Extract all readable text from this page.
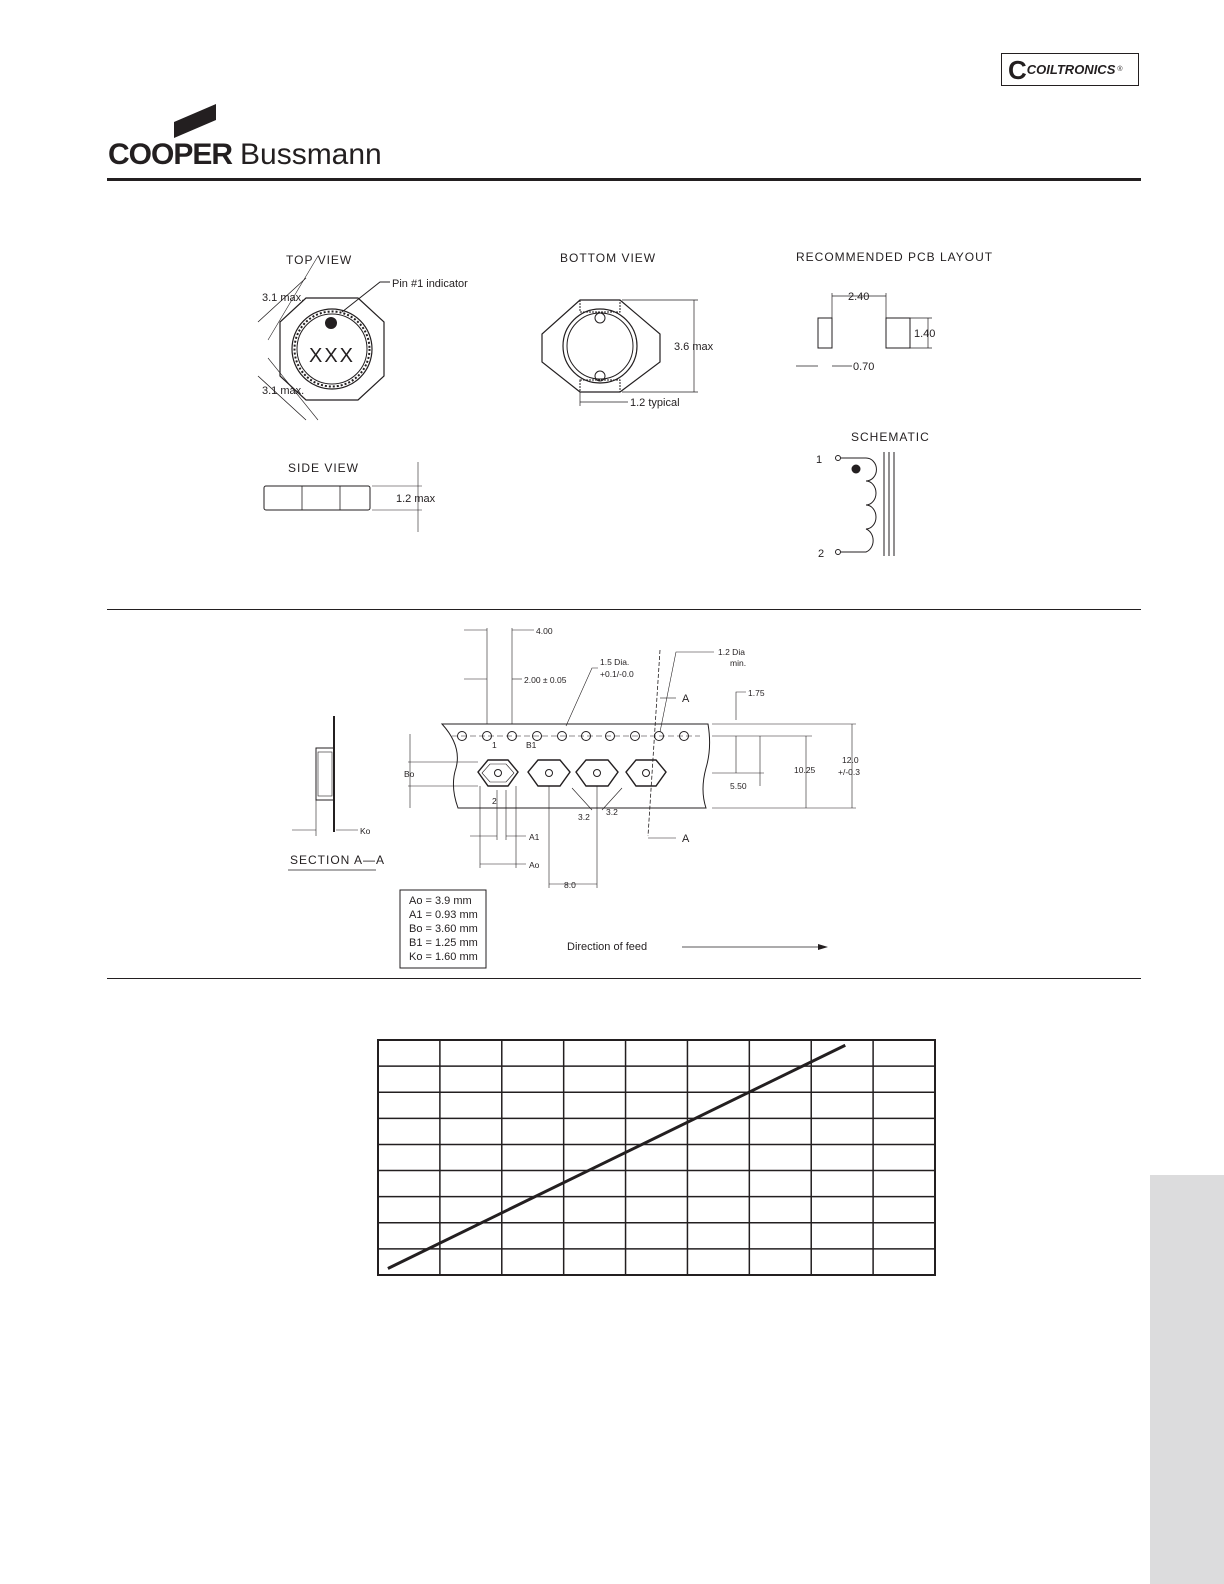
C COILTRONICS ®
COOPER Bussmann
TOP VIEW
XXX
Pin #1 indicator
3.1 max.
3.1 max.
BOTTOM VIEW
3.6 max
1.2 typical
RECOMMENDED PCB LAYOUT
2.40
1.40
0.70
SIDE VIEW
1.2 max
SCHEMATIC
1
2
Ko
SECTION A—A
4.00
2.00 ± 0.05
1.5 Dia.
+0.1/-0.0
1.2 Dia
min.
A
A
1.75
12.0
+/-0.3
10.25
5.50
Bo
1
2
B1
A1
Ao
8.0
3.2 3.2
Ao = 3.9 mm
A1 = 0.93 mm
Bo = 3.60 mm
B1 = 1.25 mm
Ko = 1.60 mm
Direction of feed
